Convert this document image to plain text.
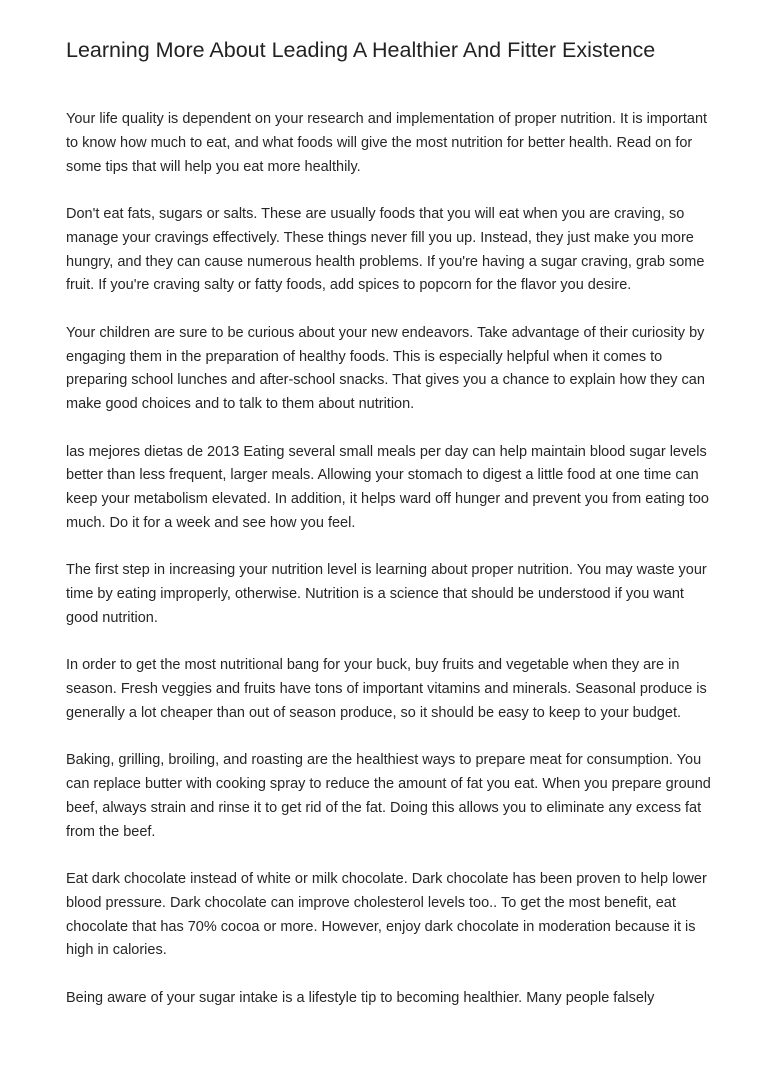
Learning More About Leading A Healthier And Fitter Existence

Your life quality is dependent on your research and implementation of proper nutrition. It is important to know how much to eat, and what foods will give the most nutrition for better health. Read on for some tips that will help you eat more healthily.

Don't eat fats, sugars or salts. These are usually foods that you will eat when you are craving, so manage your cravings effectively. These things never fill you up. Instead, they just make you more hungry, and they can cause numerous health problems. If you're having a sugar craving, grab some fruit. If you're craving salty or fatty foods, add spices to popcorn for the flavor you desire.

Your children are sure to be curious about your new endeavors. Take advantage of their curiosity by engaging them in the preparation of healthy foods. This is especially helpful when it comes to preparing school lunches and after-school snacks. That gives you a chance to explain how they can make good choices and to talk to them about nutrition.

las mejores dietas de 2013 Eating several small meals per day can help maintain blood sugar levels better than less frequent, larger meals. Allowing your stomach to digest a little food at one time can keep your metabolism elevated. In addition, it helps ward off hunger and prevent you from eating too much. Do it for a week and see how you feel.

The first step in increasing your nutrition level is learning about proper nutrition. You may waste your time by eating improperly, otherwise. Nutrition is a science that should be understood if you want good nutrition.

In order to get the most nutritional bang for your buck, buy fruits and vegetable when they are in season. Fresh veggies and fruits have tons of important vitamins and minerals. Seasonal produce is generally a lot cheaper than out of season produce, so it should be easy to keep to your budget.

Baking, grilling, broiling, and roasting are the healthiest ways to prepare meat for consumption. You can replace butter with cooking spray to reduce the amount of fat you eat. When you prepare ground beef, always strain and rinse it to get rid of the fat. Doing this allows you to eliminate any excess fat from the beef.

Eat dark chocolate instead of white or milk chocolate. Dark chocolate has been proven to help lower blood pressure. Dark chocolate can improve cholesterol levels too.. To get the most benefit, eat chocolate that has 70% cocoa or more. However, enjoy dark chocolate in moderation because it is high in calories.

Being aware of your sugar intake is a lifestyle tip to becoming healthier. Many people falsely
